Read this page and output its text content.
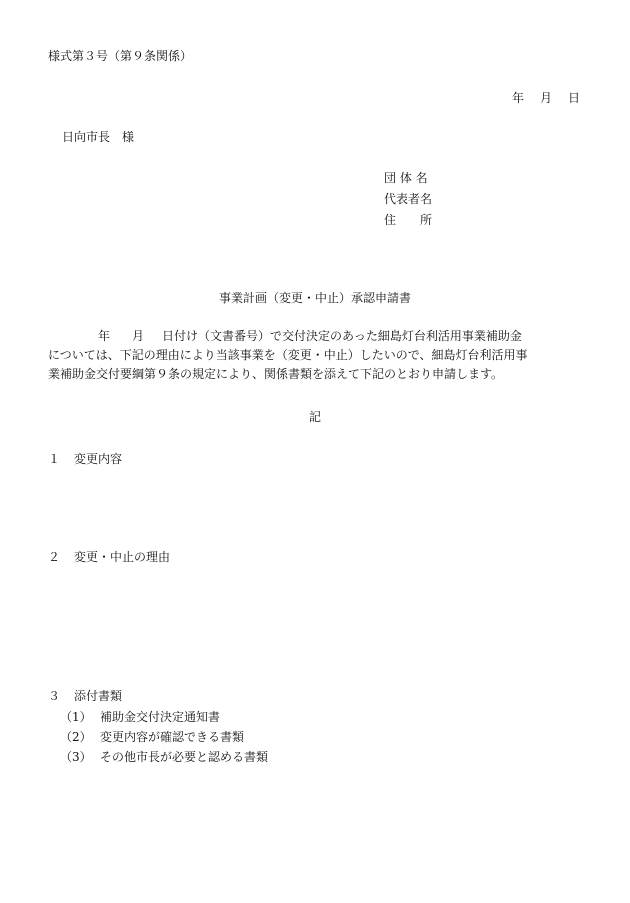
様式第３号（第９条関係）
年 月 日
日向市長 様
団 体 名
代表者名
住　　所
事業計画（変更・中止）承認申請書
年 月 日付け（文書番号）で交付決定のあった細島灯台利活用事業補助金
については、下記の理由により当該事業を（変更・中止）したいので、細島灯台利活用事
業補助金交付要綱第９条の規定により、関係書類を添えて下記のとおり申請します。
記
１ 変更内容
２ 変更・中止の理由
３ 添付書類
（1） 補助金交付決定通知書
（2） 変更内容が確認できる書類
（3） その他市長が必要と認める書類
